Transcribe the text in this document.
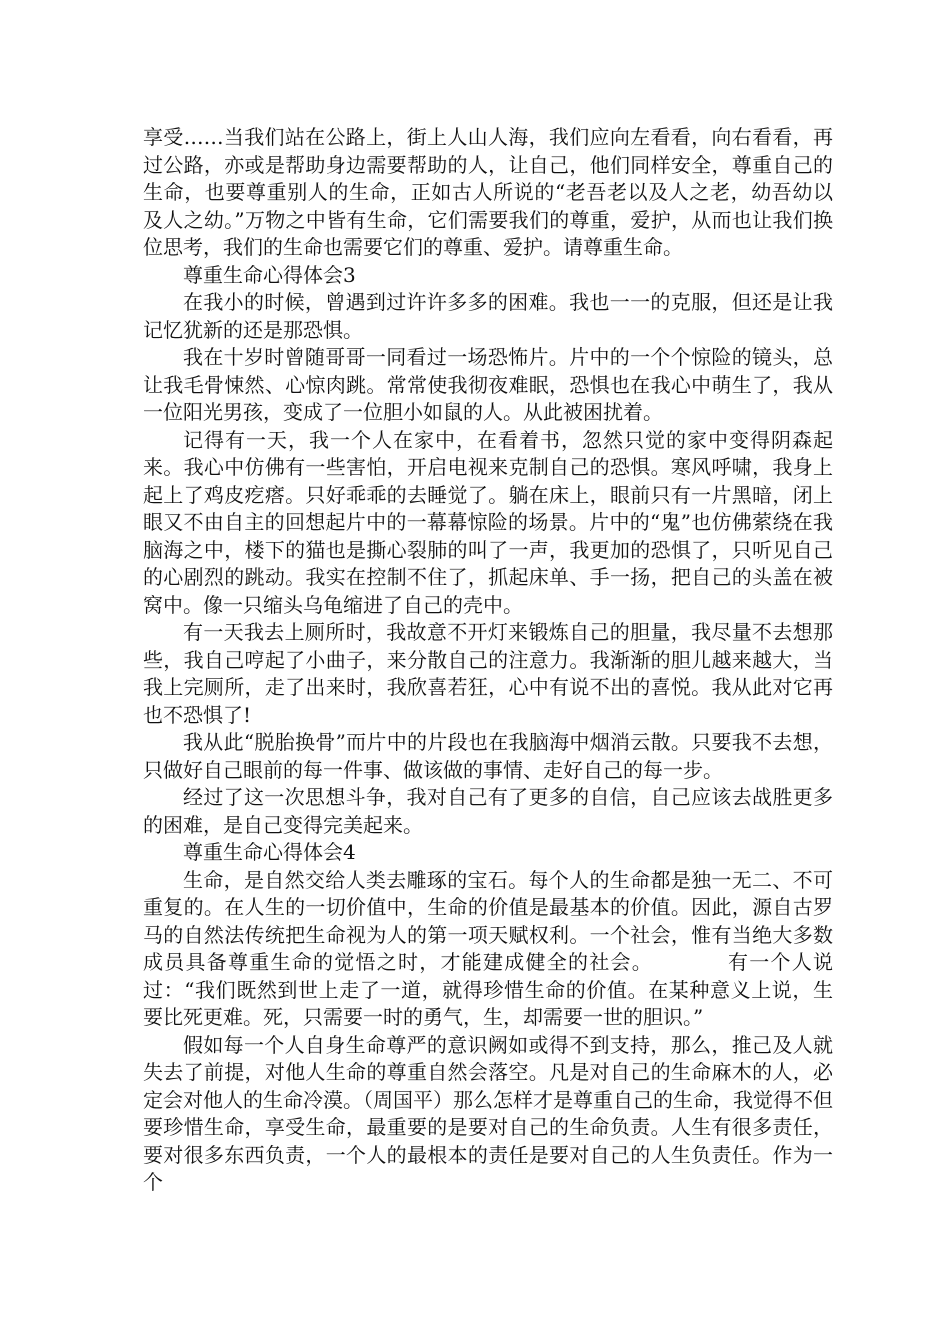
享受……当我们站在公路上，街上人山人海，我们应向左看看，向右看看，再过公路，亦或是帮助身边需要帮助的人，让自己，他们同样安全，尊重自己的生命，也要尊重别人的生命，正如古人所说的“老吾老以及人之老，幼吾幼以及人之幼。”万物之中皆有生命，它们需要我们的尊重，爱护，从而也让我们换位思考，我们的生命也需要它们的尊重、爱护。请尊重生命。

尊重生命心得体会3

在我小的时候，曾遇到过许许多多的困难。我也一一的克服，但还是让我记忆犹新的还是那恐惧。

我在十岁时曾随哥哥一同看过一场恐怖片。片中的一个个惊险的镜头，总让我毛骨悚然、心惊肉跳。常常使我彻夜难眠，恐惧也在我心中萌生了，我从一位阳光男孩，变成了一位胆小如鼠的人。从此被困扰着。

记得有一天，我一个人在家中，在看着书，忽然只觉的家中变得阴森起来。我心中仿佛有一些害怕，开启电视来克制自己的恐惧。寒风呼啸，我身上起上了鸡皮疙瘩。只好乖乖的去睡觉了。躺在床上，眼前只有一片黑暗，闭上眼又不由自主的回想起片中的一幕幕惊险的场景。片中的“鬼”也仿佛萦绕在我脑海之中，楼下的猫也是撕心裂肺的叫了一声，我更加的恐惧了，只听见自己的心剧烈的跳动。我实在控制不住了，抓起床单、手一扬，把自己的头盖在被窝中。像一只缩头乌龟缩进了自己的壳中。

有一天我去上厕所时，我故意不开灯来锻炼自己的胆量，我尽量不去想那些，我自己哼起了小曲子，来分散自己的注意力。我渐渐的胆儿越来越大，当我上完厕所，走了出来时，我欣喜若狂，心中有说不出的喜悦。我从此对它再也不恐惧了!

我从此“脱胎换骨”而片中的片段也在我脑海中烟消云散。只要我不去想，只做好自己眼前的每一件事、做该做的事情、走好自己的每一步。

经过了这一次思想斗争，我对自己有了更多的自信，自己应该去战胜更多的困难，是自己变得完美起来。

尊重生命心得体会4

生命，是自然交给人类去雕琢的宝石。每个人的生命都是独一无二、不可重复的。在人生的一切价值中，生命的价值是最基本的价值。因此，源自古罗马的自然法传统把生命视为人的第一项天赋权利。一个社会，惟有当绝大多数成员具备尊重生命的觉悟之时，才能建成健全的社会。　　　　有一个人说过：“我们既然到世上走了一道，就得珍惜生命的价值。在某种意义上说，生要比死更难。死，只需要一时的勇气，生，却需要一世的胆识。”

假如每一个人自身生命尊严的意识阙如或得不到支持，那么，推己及人就失去了前提，对他人生命的尊重自然会落空。凡是对自己的生命麻木的人，必定会对他人的生命冷漠。（周国平）那么怎样才是尊重自己的生命，我觉得不但要珍惜生命，享受生命，最重要的是要对自己的生命负责。人生有很多责任，要对很多东西负责，一个人的最根本的责任是要对自己的人生负责任。作为一个
